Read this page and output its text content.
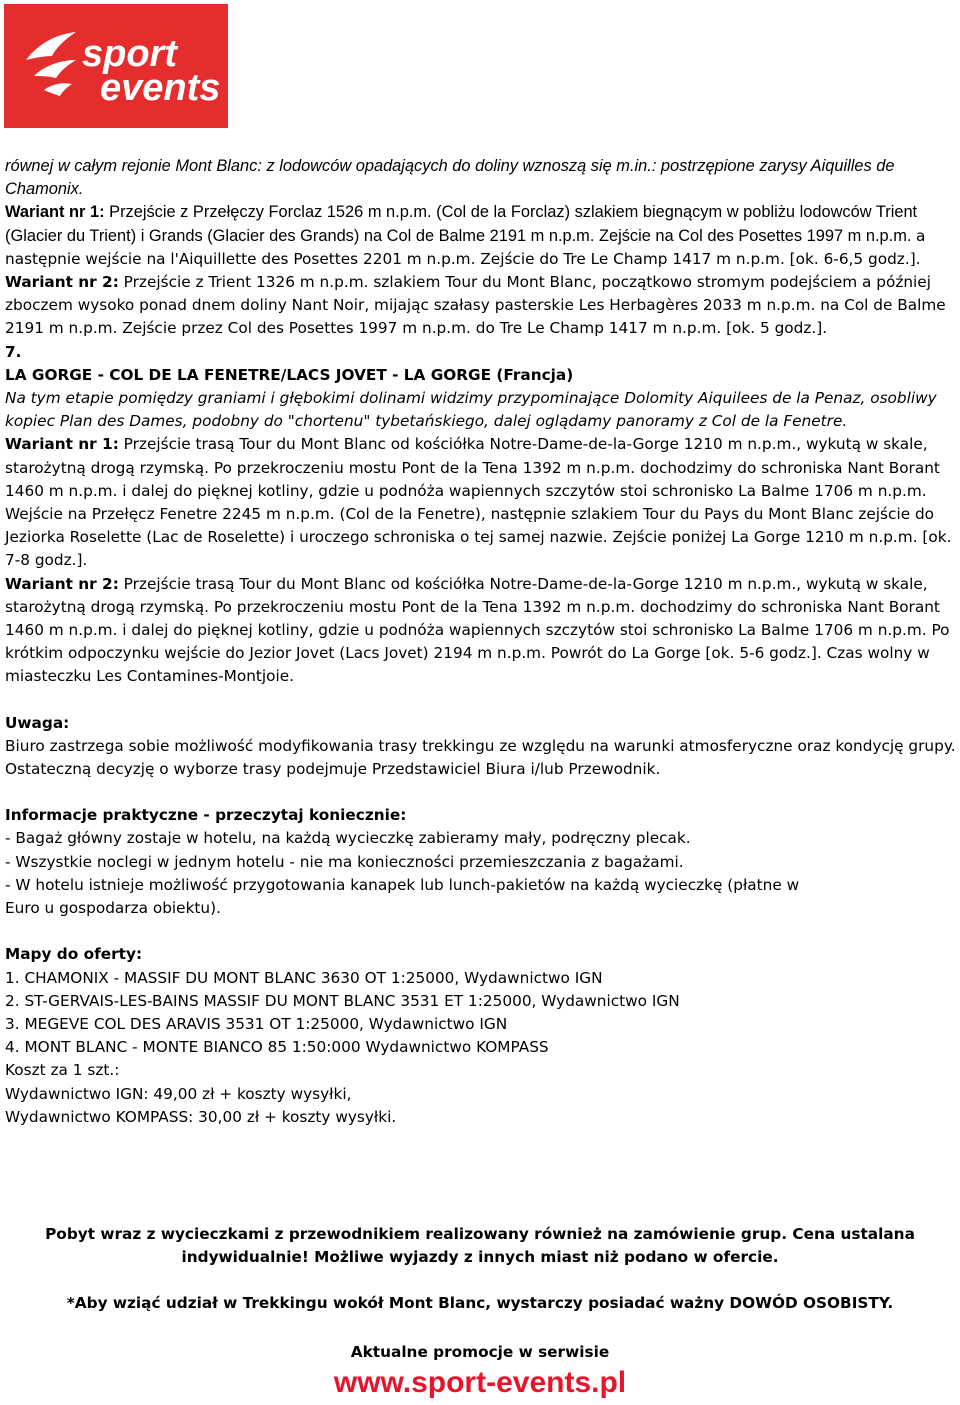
sport
events

równej w całym rejonie Mont Blanc: z lodowców opadających do doliny wznoszą się m.in.: postrzępione zarysy Aiquilles de Chamonix.

Wariant nr 1: Przejście z Przełęczy Forclaz 1526 m n.p.m. (Col de la Forclaz) szlakiem biegnącym w pobliżu lodowców Trient (Glacier du Trient) i Grands (Glacier des Grands) na Col de Balme 2191 m n.p.m. Zejście na Col des Posettes 1997 m n.p.m. a następnie wejście na l'Aiquillette des Posettes 2201 m n.p.m. Zejście do Tre Le Champ 1417 m n.p.m. [ok. 6-6,5 godz.].

Wariant nr 2: Przejście z Trient 1326 m n.p.m. szlakiem Tour du Mont Blanc, początkowo stromym podejściem a później zboczem wysoko ponad dnem doliny Nant Noir, mijając szałasy pasterskie Les Herbagères 2033 m n.p.m. na Col de Balme 2191 m n.p.m. Zejście przez Col des Posettes 1997 m n.p.m. do Tre Le Champ 1417 m n.p.m. [ok. 5 godz.].

7.

LA GORGE - COL DE LA FENETRE/LACS JOVET - LA GORGE (Francja)

Na tym etapie pomiędzy graniami i głębokimi dolinami widzimy przypominające Dolomity Aiquilees de la Penaz, osobliwy kopiec Plan des Dames, podobny do "chortenu" tybetańskiego, dalej oglądamy panoramy z Col de la Fenetre.

Wariant nr 1: Przejście trasą Tour du Mont Blanc od kościółka Notre-Dame-de-la-Gorge 1210 m n.p.m., wykutą w skale, starożytną drogą rzymską. Po przekroczeniu mostu Pont de la Tena 1392 m n.p.m. dochodzimy do schroniska Nant Borant 1460 m n.p.m. i dalej do pięknej kotliny, gdzie u podnóża wapiennych szczytów stoi schronisko La Balme 1706 m n.p.m. Wejście na Przełęcz Fenetre 2245 m n.p.m. (Col de la Fenetre), następnie szlakiem Tour du Pays du Mont Blanc zejście do Jeziorka Roselette (Lac de Roselette) i uroczego schroniska o tej samej nazwie. Zejście poniżej La Gorge 1210 m n.p.m. [ok. 7-8 godz.].

Wariant nr 2: Przejście trasą Tour du Mont Blanc od kościółka Notre-Dame-de-la-Gorge 1210 m n.p.m., wykutą w skale, starożytną drogą rzymską. Po przekroczeniu mostu Pont de la Tena 1392 m n.p.m. dochodzimy do schroniska Nant Borant 1460 m n.p.m. i dalej do pięknej kotliny, gdzie u podnóża wapiennych szczytów stoi schronisko La Balme 1706 m n.p.m. Po krótkim odpoczynku wejście do Jezior Jovet (Lacs Jovet) 2194 m n.p.m. Powrót do La Gorge [ok. 5-6 godz.]. Czas wolny w miasteczku Les Contamines-Montjoie.

Uwaga:

Biuro zastrzega sobie możliwość modyfikowania trasy trekkingu ze względu na warunki atmosferyczne oraz kondycję grupy. Ostateczną decyzję o wyborze trasy podejmuje Przedstawiciel Biura i/lub Przewodnik.

Informacje praktyczne - przeczytaj koniecznie:

- Bagaż główny zostaje w hotelu, na każdą wycieczkę zabieramy mały, podręczny plecak.

- Wszystkie noclegi w jednym hotelu - nie ma konieczności przemieszczania z bagażami.

- W hotelu istnieje możliwość przygotowania kanapek lub lunch-pakietów na każdą wycieczkę (płatne w Euro u gospodarza obiektu).

Mapy do oferty:

1. CHAMONIX - MASSIF DU MONT BLANC 3630 OT 1:25000, Wydawnictwo IGN

2. ST-GERVAIS-LES-BAINS MASSIF DU MONT BLANC 3531 ET 1:25000, Wydawnictwo IGN

3. MEGEVE COL DES ARAVIS 3531 OT 1:25000, Wydawnictwo IGN

4. MONT BLANC - MONTE BIANCO 85 1:50:000 Wydawnictwo KOMPASS

Koszt za 1 szt.:

Wydawnictwo IGN: 49,00 zł + koszty wysyłki,

Wydawnictwo KOMPASS: 30,00 zł + koszty wysyłki.

Pobyt wraz z wycieczkami z przewodnikiem realizowany również na zamówienie grup. Cena ustalana indywidualnie! Możliwe wyjazdy z innych miast niż podano w ofercie.

*Aby wziąć udział w Trekkingu wokół Mont Blanc, wystarczy posiadać ważny DOWÓD OSOBISTY.

Aktualne promocje w serwisie

www.sport-events.pl
